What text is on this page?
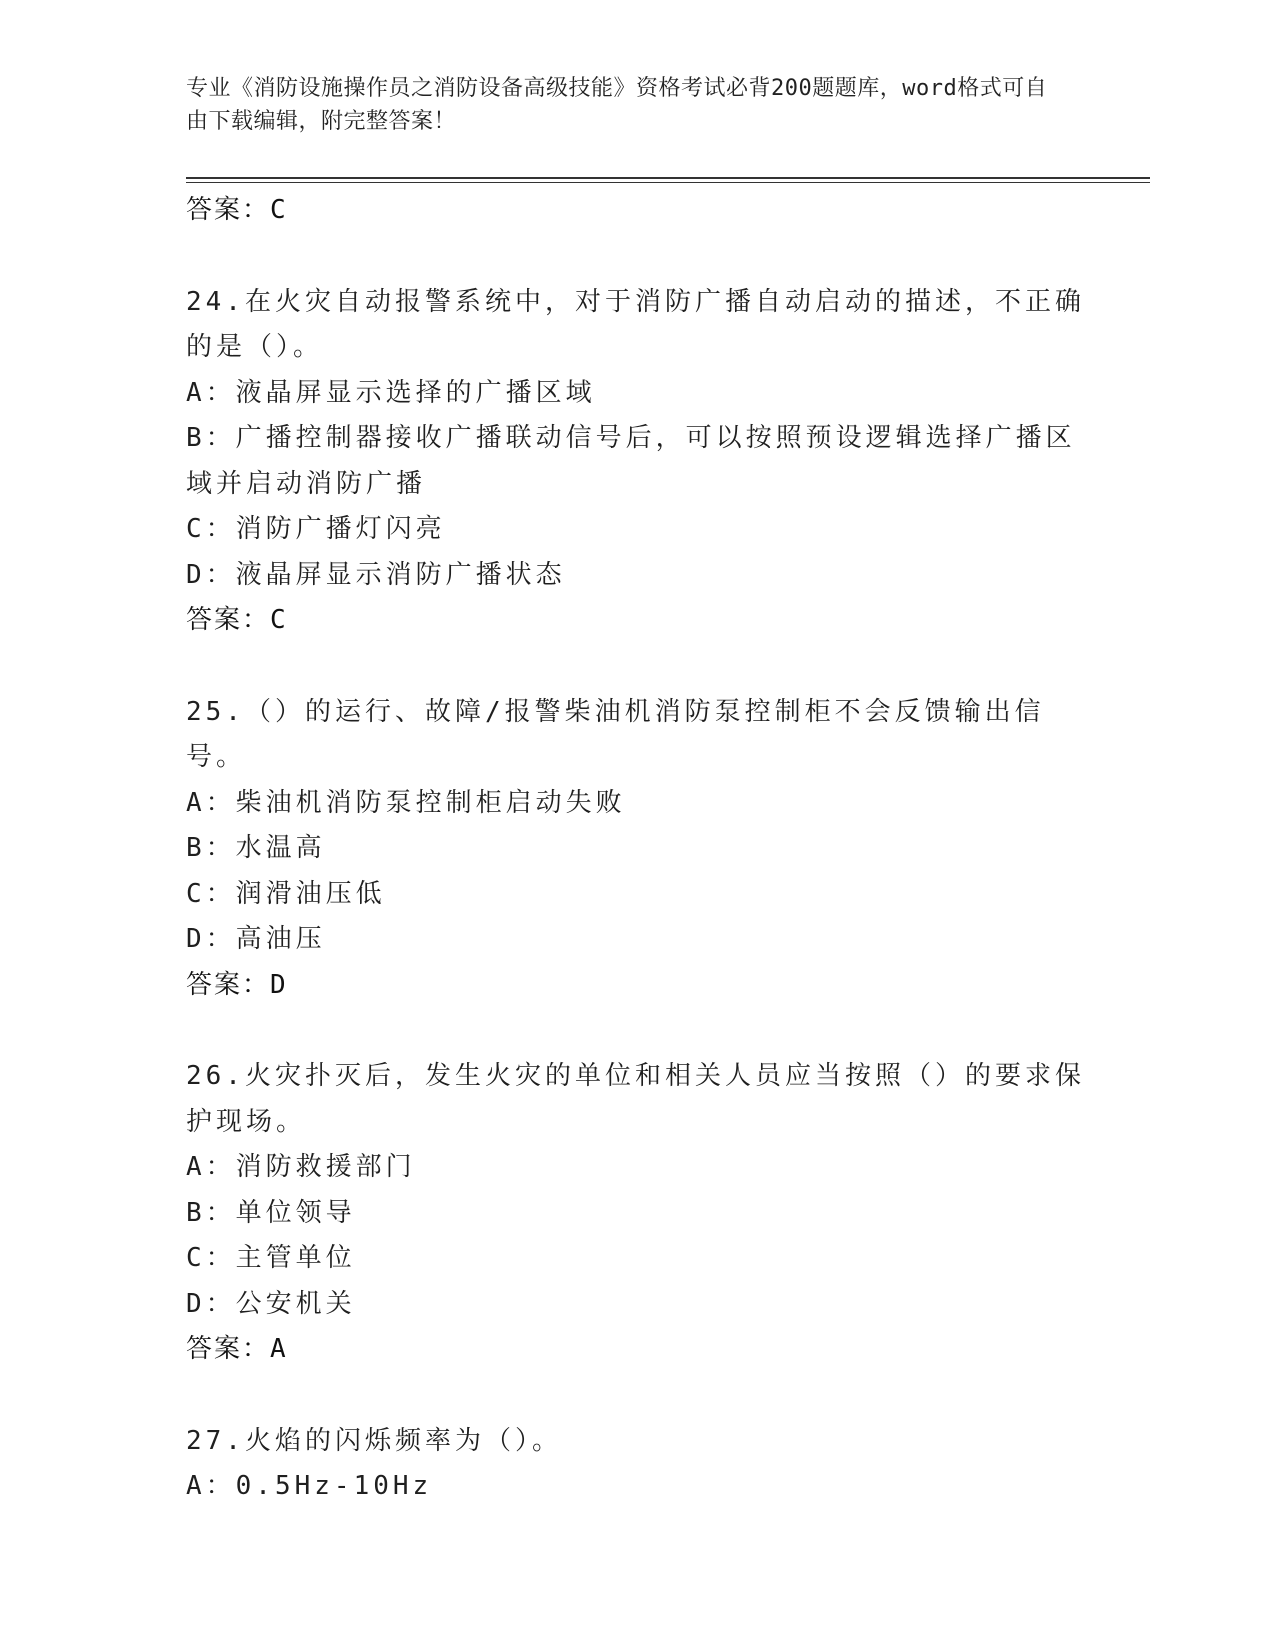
专业《消防设施操作员之消防设备高级技能》资格考试必背200题题库，word格式可自由下载编辑，附完整答案！
答案：C
24.在火灾自动报警系统中，对于消防广播自动启动的描述，不正确的是（）。
A：液晶屏显示选择的广播区域
B：广播控制器接收广播联动信号后，可以按照预设逻辑选择广播区域并启动消防广播
C：消防广播灯闪亮
D：液晶屏显示消防广播状态
答案：C
25.（）的运行、故障/报警柴油机消防泵控制柜不会反馈输出信号。
A：柴油机消防泵控制柜启动失败
B：水温高
C：润滑油压低
D：高油压
答案：D
26.火灾扑灭后，发生火灾的单位和相关人员应当按照（）的要求保护现场。
A：消防救援部门
B：单位领导
C：主管单位
D：公安机关
答案：A
27.火焰的闪烁频率为（）。
A：0.5Hz-10Hz
